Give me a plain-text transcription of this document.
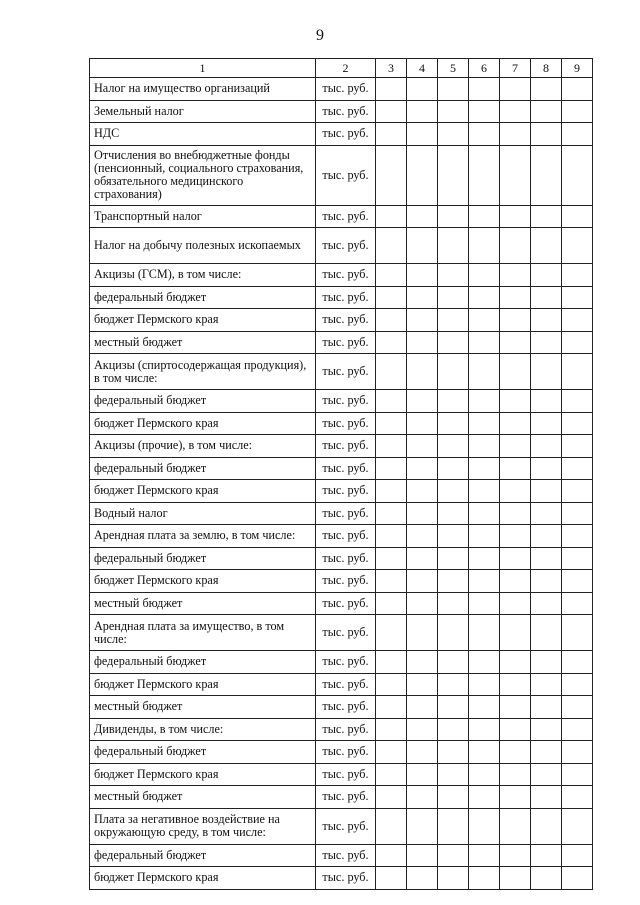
9
1	2	3	4	5	6	7	8	9
Налог на имущество организаций	тыс. руб.							
Земельный налог	тыс. руб.							
НДС	тыс. руб.							
Отчисления во внебюджетные фонды (пенсионный, социального страхования, обязательного медицинского страхования)	тыс. руб.							
Транспортный налог	тыс. руб.							
Налог на добычу полезных ископаемых	тыс. руб.							
Акцизы (ГСМ), в том числе:	тыс. руб.							
федеральный бюджет	тыс. руб.							
бюджет Пермского края	тыс. руб.							
местный бюджет	тыс. руб.							
Акцизы (спиртосодержащая продукция), в том числе:	тыс. руб.							
федеральный бюджет	тыс. руб.							
бюджет Пермского края	тыс. руб.							
Акцизы (прочие), в том числе:	тыс. руб.							
федеральный бюджет	тыс. руб.							
бюджет Пермского края	тыс. руб.							
Водный налог	тыс. руб.							
Арендная плата за землю, в том числе:	тыс. руб.							
федеральный бюджет	тыс. руб.							
бюджет Пермского края	тыс. руб.							
местный бюджет	тыс. руб.							
Арендная плата за имущество, в том числе:	тыс. руб.							
федеральный бюджет	тыс. руб.							
бюджет Пермского края	тыс. руб.							
местный бюджет	тыс. руб.							
Дивиденды, в том числе:	тыс. руб.							
федеральный бюджет	тыс. руб.							
бюджет Пермского края	тыс. руб.							
местный бюджет	тыс. руб.							
Плата за негативное воздействие на окружающую среду, в том числе:	тыс. руб.							
федеральный бюджет	тыс. руб.							
бюджет Пермского края	тыс. руб.							
